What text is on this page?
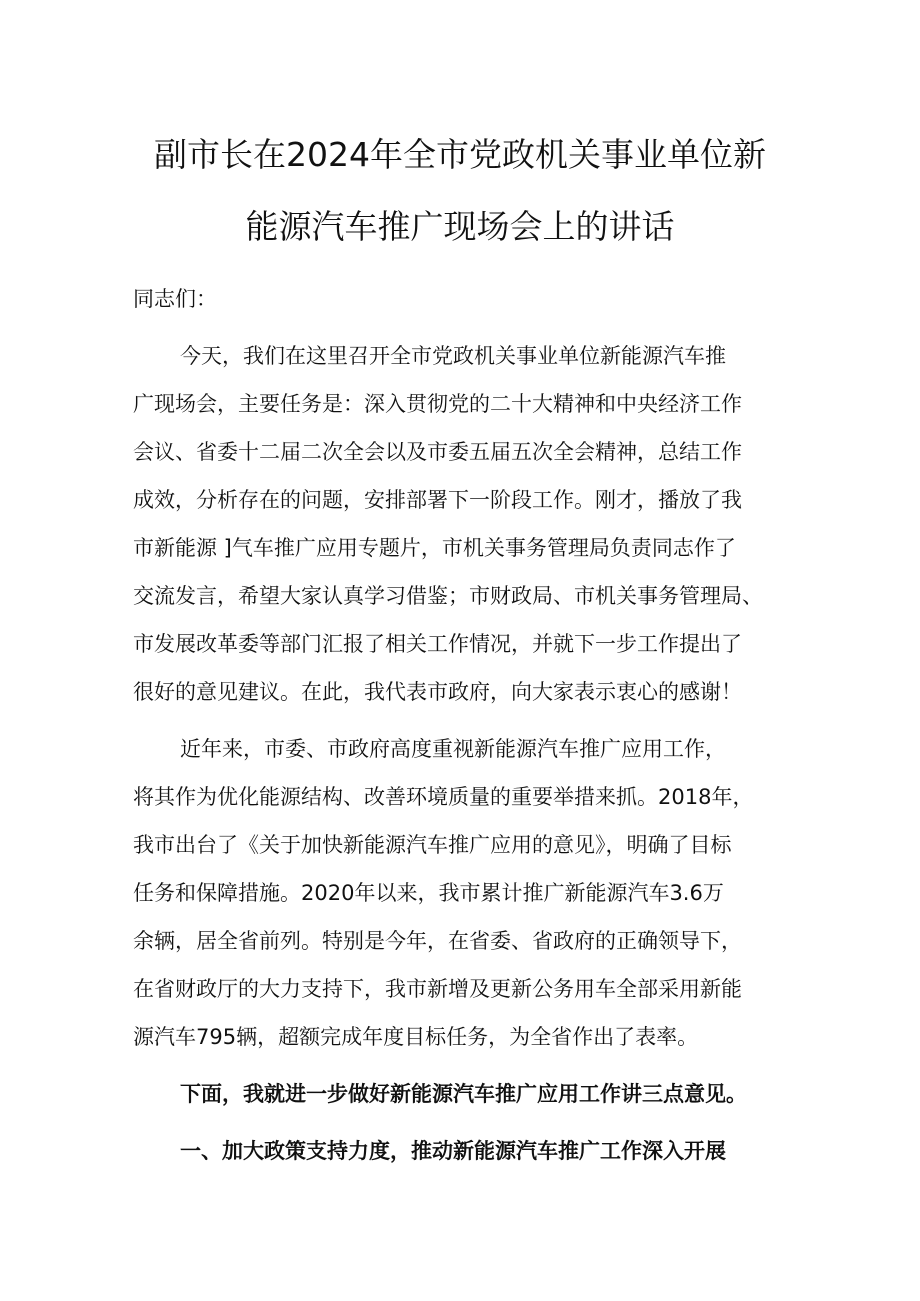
副市长在2024年全市党政机关事业单位新
能源汽车推广现场会上的讲话
同志们：
今天，我们在这里召开全市党政机关事业单位新能源汽车推
广现场会，主要任务是：深入贯彻党的二十大精神和中央经济工作
会议、省委十二届二次全会以及市委五届五次全会精神，总结工作
成效，分析存在的问题，安排部署下一阶段工作。刚才，播放了我
市新能源 ]气车推广应用专题片，市机关事务管理局负责同志作了
交流发言，希望大家认真学习借鉴；市财政局、市机关事务管理局、
市发展改革委等部门汇报了相关工作情况，并就下一步工作提出了
很好的意见建议。在此，我代表市政府，向大家表示衷心的感谢！
近年来，市委、市政府高度重视新能源汽车推广应用工作，
将其作为优化能源结构、改善环境质量的重要举措来抓。2018年，
我市出台了《关于加快新能源汽车推广应用的意见》，明确了目标
任务和保障措施。2020年以来，我市累计推广新能源汽车3.6万
余辆，居全省前列。特别是今年，在省委、省政府的正确领导下，
在省财政厅的大力支持下，我市新增及更新公务用车全部采用新能
源汽车795辆，超额完成年度目标任务，为全省作出了表率。
下面，我就进一步做好新能源汽车推广应用工作讲三点意见。
一、加大政策支持力度，推动新能源汽车推广工作深入开展
